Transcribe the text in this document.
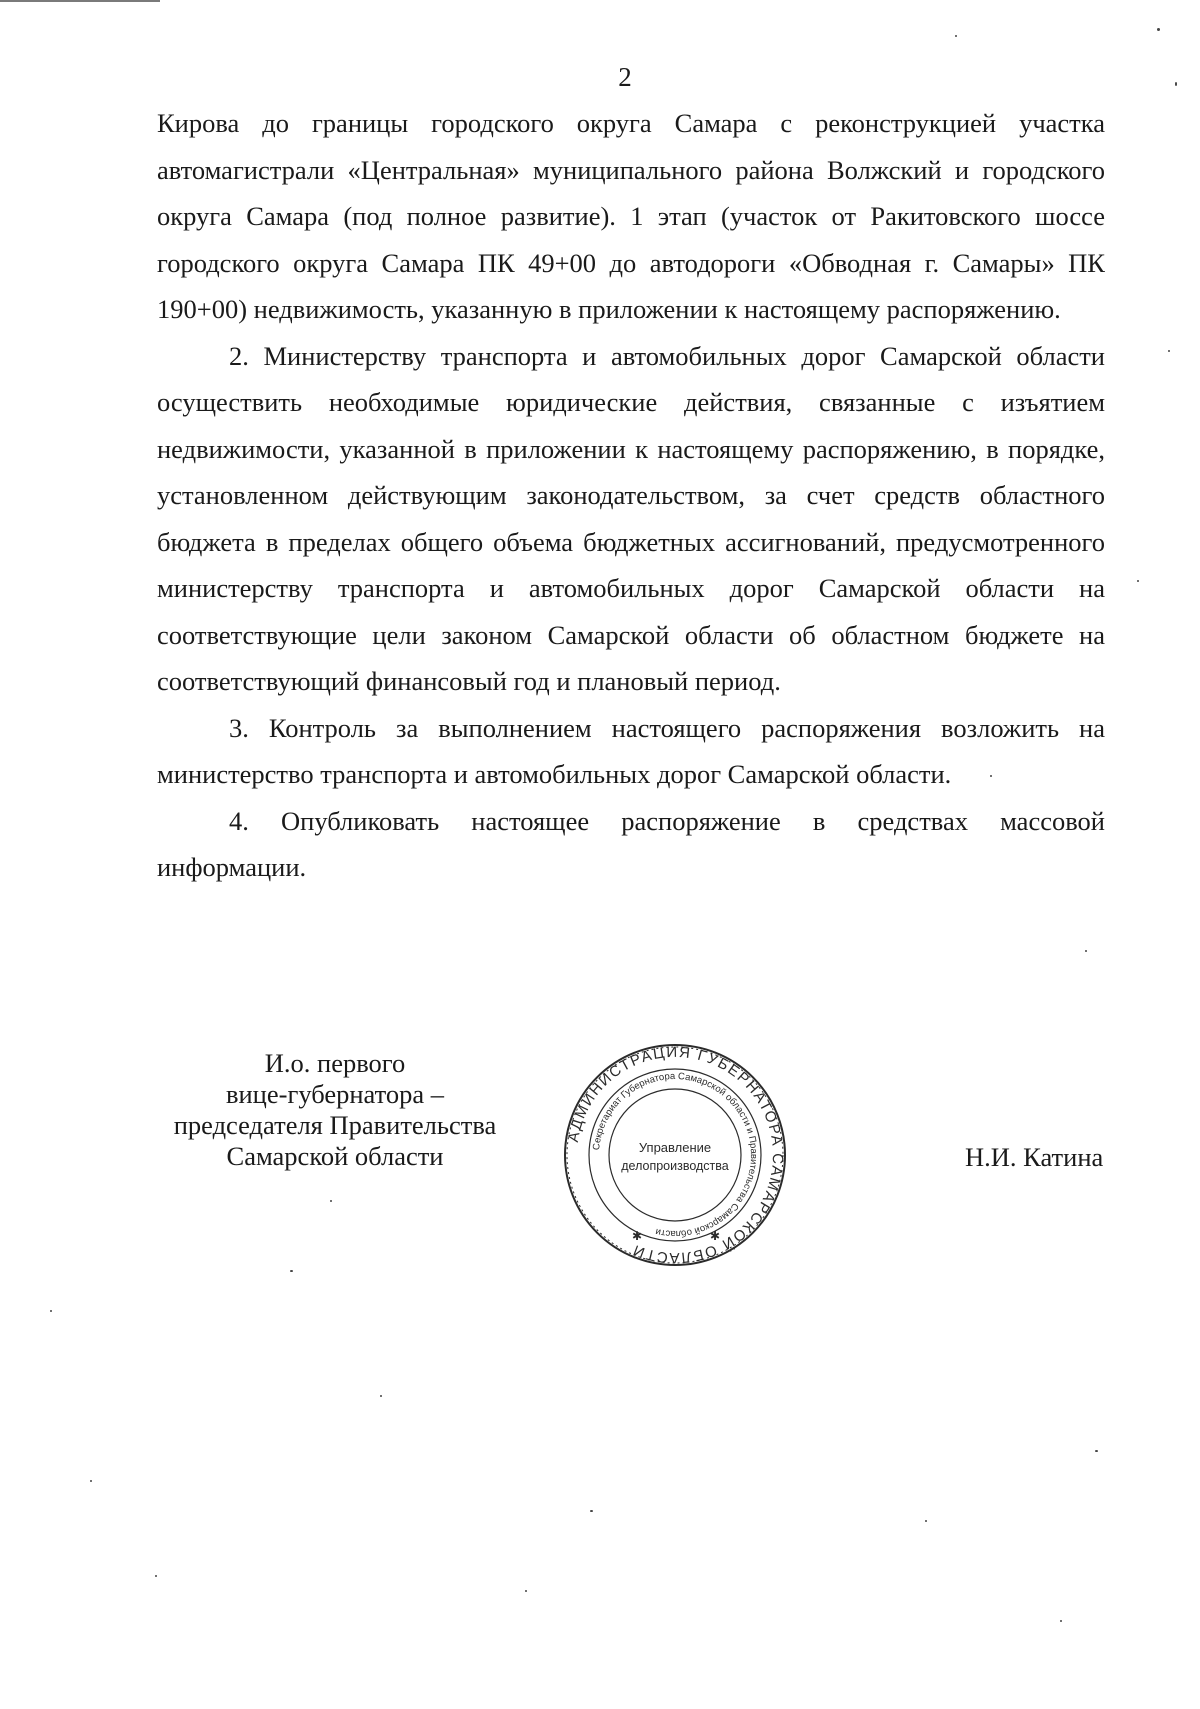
2

Кирова до границы городского округа Самара с реконструкцией участка автомагистрали «Центральная» муниципального района Волжский и городского округа Самара (под полное развитие). 1 этап (участок от Ракитовского шоссе городского округа Самара ПК 49+00 до автодороги «Обводная г. Самары» ПК 190+00) недвижимость, указанную в приложении к настоящему распоряжению.

2. Министерству транспорта и автомобильных дорог Самарской области осуществить необходимые юридические действия, связанные с изъятием недвижимости, указанной в приложении к настоящему распоряжению, в порядке, установленном действующим законодательством, за счет средств областного бюджета в пределах общего объема бюджетных ассигнований, предусмотренного министерству транспорта и автомобильных дорог Самарской области на соответствующие цели законом Самарской области об областном бюджете на соответствующий финансовый год и плановый период.

3. Контроль за выполнением настоящего распоряжения возложить на министерство транспорта и автомобильных дорог Самарской области.

4. Опубликовать настоящее распоряжение в средствах массовой информации.

И.о. первого
вице-губернатора –
председателя Правительства
Самарской области	Н.И. Катина
АДМИНИСТРАЦИЯ ГУБЕРНАТОРА САМАРСКОЙ ОБЛАСТИ
Секретариат Губернатора Самарской области и Правительства Самарской области
Управление
делопроизводства
✱	✱
